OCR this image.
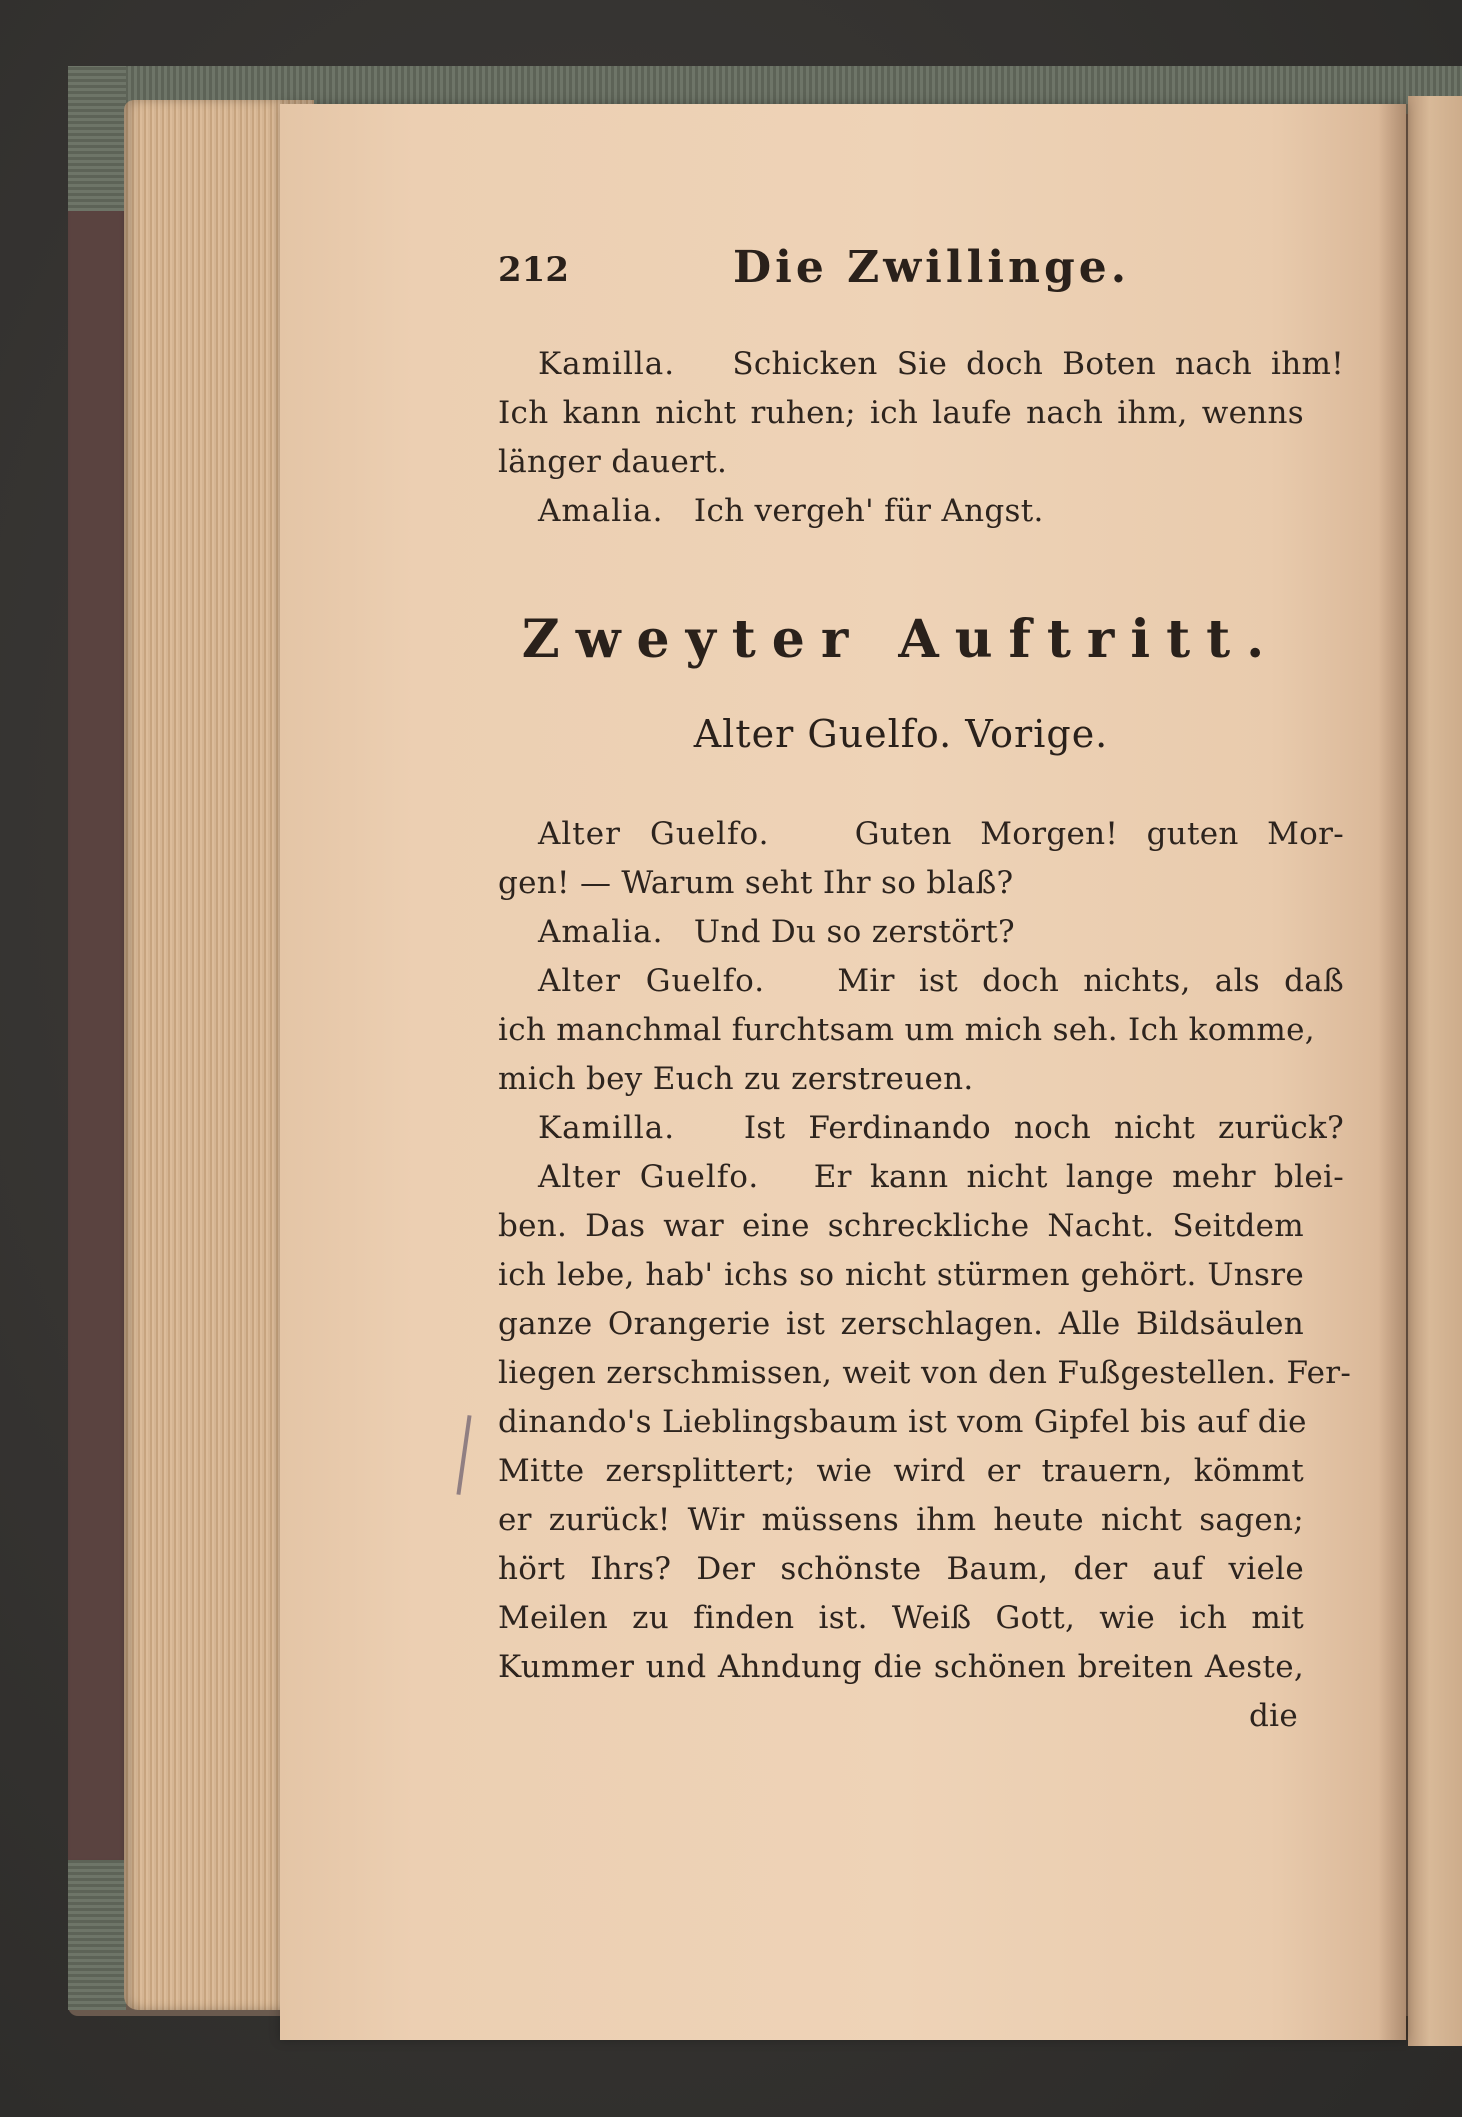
212	Die Zwillinge.
Kamilla. Schicken Sie doch Boten nach ihm!
Ich kann nicht ruhen; ich laufe nach ihm, wenns
länger dauert.
Amalia. Ich vergeh' für Angst.
Zweyter Auftritt.
Alter Guelfo. Vorige.
Alter Guelfo.	Guten Morgen! guten Mor-
gen! — Warum seht Ihr so blaß?
Amalia. Und Du so zerstört?
Alter Guelfo. Mir ist doch nichts, als daß
ich manchmal furchtsam um mich seh. Ich komme,
mich bey Euch zu zerstreuen.
Kamilla. Ist Ferdinando noch nicht zurück?
Alter Guelfo. Er kann nicht lange mehr blei-
ben. Das war eine schreckliche Nacht. Seitdem
ich lebe, hab' ichs so nicht stürmen gehört. Unsre
ganze Orangerie ist zerschlagen. Alle Bildsäulen
liegen zerschmissen, weit von den Fußgestellen. Fer-
dinando's Lieblingsbaum ist vom Gipfel bis auf die
Mitte zersplittert; wie wird er trauern, kömmt
er zurück! Wir müssens ihm heute nicht sagen;
hört Ihrs? Der schönste Baum, der auf viele
Meilen zu finden ist. Weiß Gott, wie ich mit
Kummer und Ahndung die schönen breiten Aeste,
die
